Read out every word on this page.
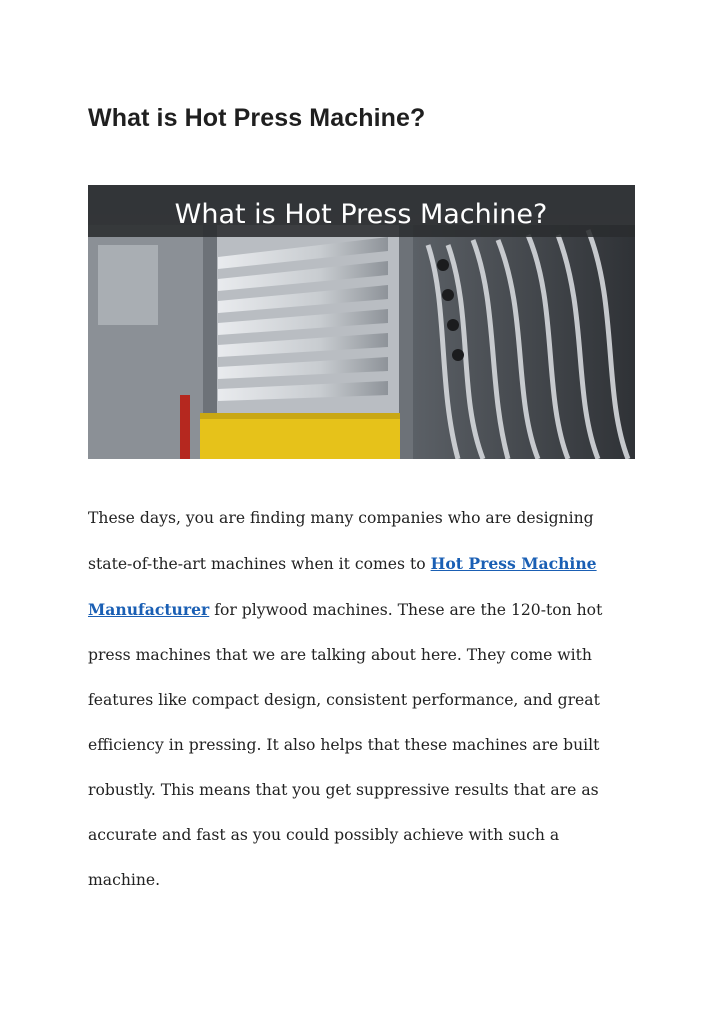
What is Hot Press Machine?
What is Hot Press Machine?

These days, you are finding many companies who are designing
state-of-the-art machines when it comes to Hot Press Machine
Manufacturer for plywood machines. These are the 120-ton hot
press machines that we are talking about here. They come with
features like compact design, consistent performance, and great
efficiency in pressing. It also helps that these machines are built
robustly. This means that you get suppressive results that are as
accurate and fast as you could possibly achieve with such a
machine.
